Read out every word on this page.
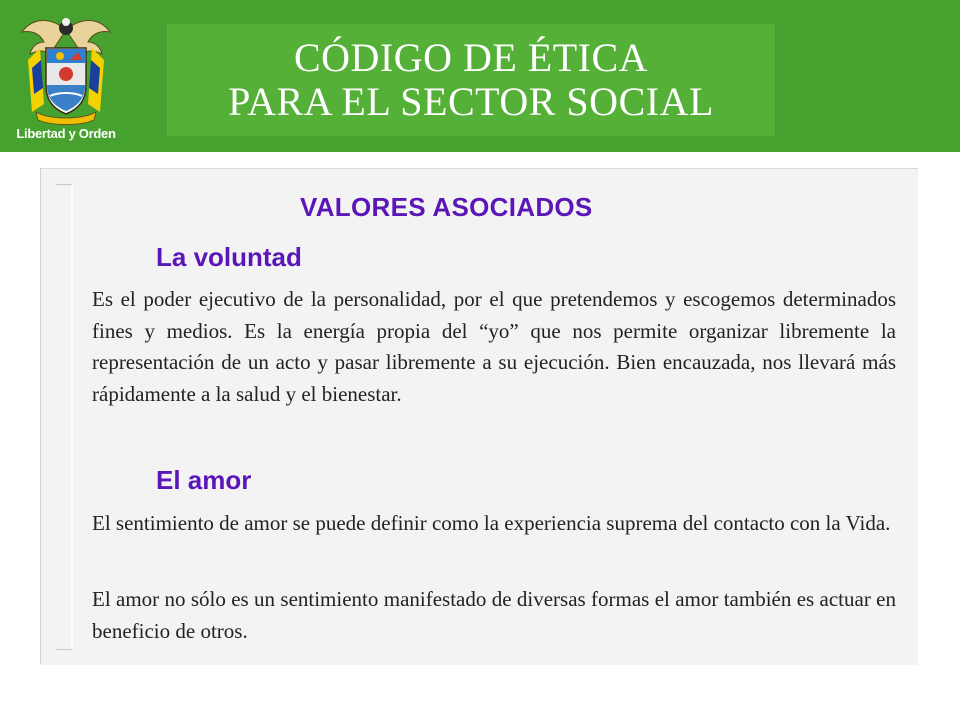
Libertad y Orden
CÓDIGO DE ÉTICA
PARA EL SECTOR SOCIAL
VALORES ASOCIADOS
La voluntad
Es el poder ejecutivo de la personalidad, por el que pretendemos y escogemos determinados fines y medios. Es la energía propia del “yo” que nos permite organizar libremente la representación de un acto y pasar libremente a su ejecución. Bien encauzada, nos llevará más rápidamente a la salud y el bienestar.
El amor
El sentimiento de amor se puede definir como la experiencia suprema del contacto con la Vida.
El amor no sólo es un sentimiento manifestado de diversas formas el amor también es actuar en beneficio de otros.
